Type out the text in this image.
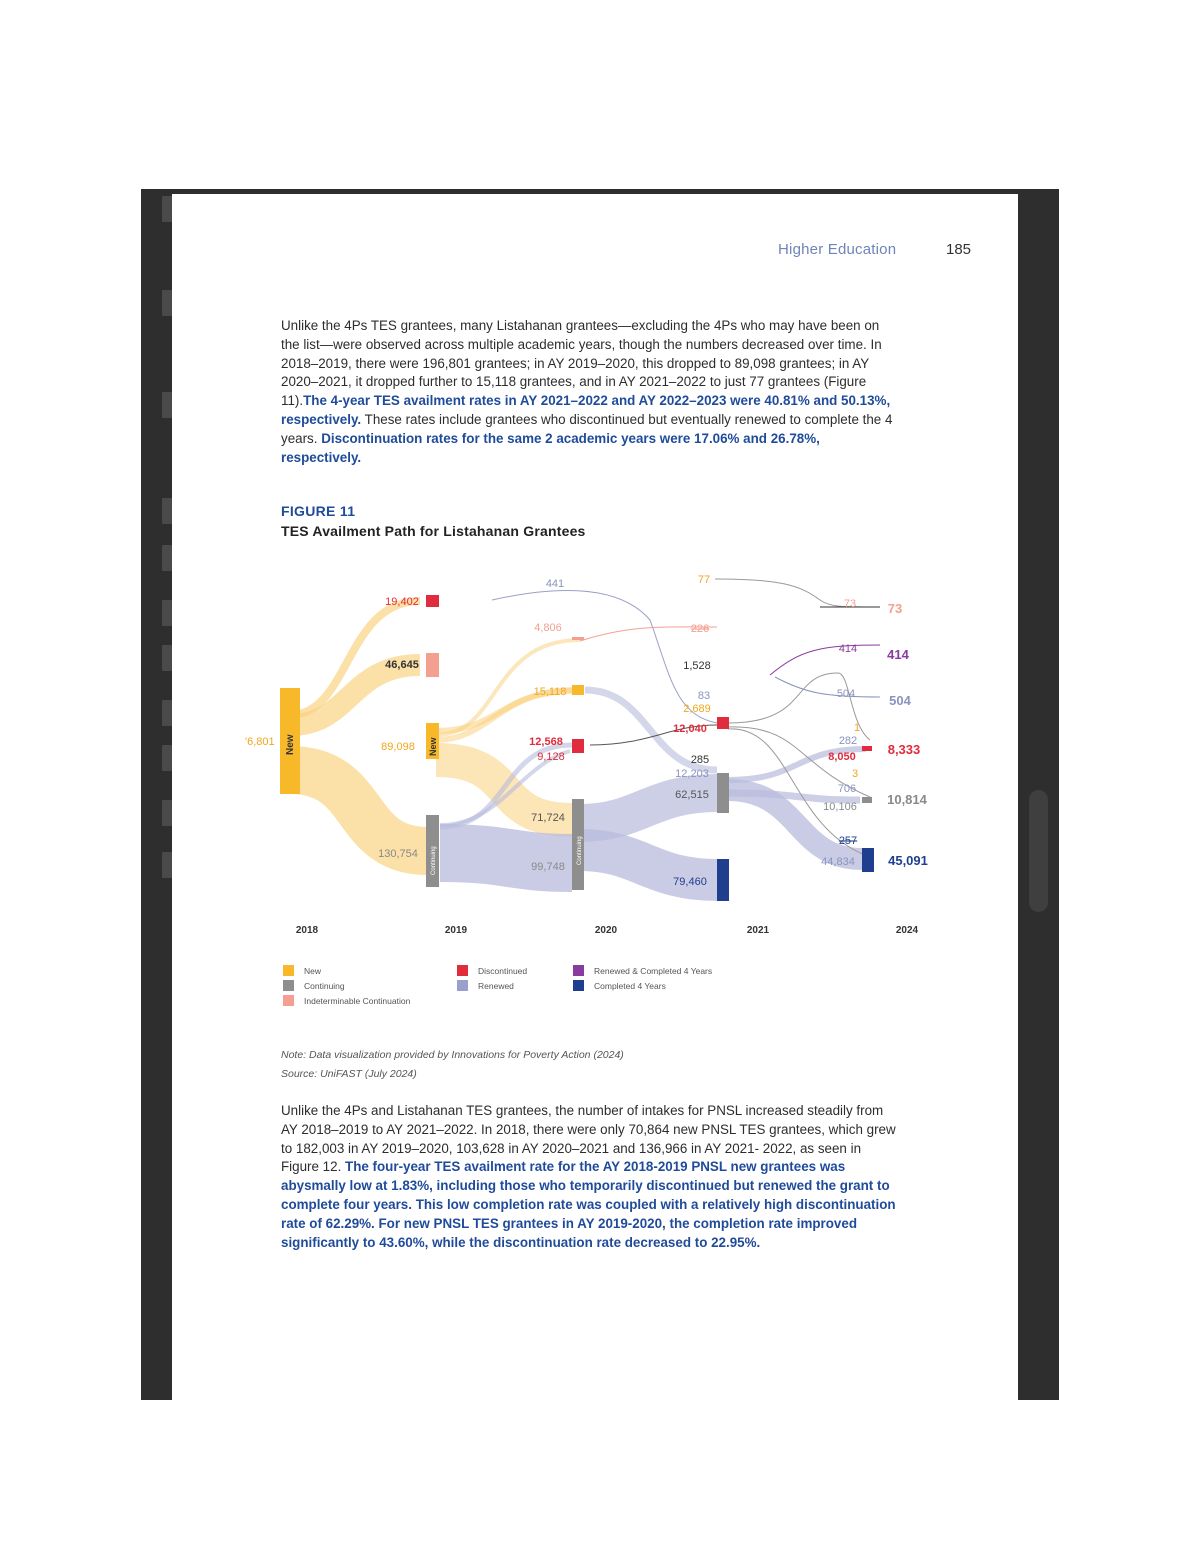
Higher Education	185
Unlike the 4Ps TES grantees, many Listahanan grantees—excluding the 4Ps who may have been on the list—were observed across multiple academic years, though the numbers decreased over time. In 2018–2019, there were 196,801 grantees; in AY 2019–2020, this dropped to 89,098 grantees; in AY 2020–2021, it dropped further to 15,118 grantees, and in AY 2021–2022 to just 77 grantees (Figure 11).The 4-year TES availment rates in AY 2021–2022 and AY 2022–2023 were 40.81% and 50.13%, respectively. These rates include grantees who discontinued but eventually renewed to complete the 4 years. Discontinuation rates for the same 2 academic years were 17.06% and 26.78%, respectively.
FIGURE 11
TES Availment Path for Listahanan Grantees
New	New
Continuing	Continuing
19,402
46,645
'6,801	89,098
130,754
441
4,806
15,118
12,568
9,128
71,724
99,748
77
226
1,528
83
2,689
12,040
285
12,203
62,515
79,460
73
414
504
1
282
8,050
3
706
10,106
257
44,834
73
414
504
8,333
10,814
45,091
2018	2019	2020	2021	2024
New
Continuing
Indeterminable Continuation
Discontinued
Renewed
Renewed & Completed 4 Years
Completed 4 Years
Note: Data visualization provided by Innovations for Poverty Action (2024)
Source: UniFAST (July 2024)
Unlike the 4Ps and Listahanan TES grantees, the number of intakes for PNSL increased steadily from AY 2018–2019 to AY 2021–2022. In 2018, there were only 70,864 new PNSL TES grantees, which grew to 182,003 in AY 2019–2020, 103,628 in AY 2020–2021 and 136,966 in AY 2021- 2022, as seen in Figure 12. The four-year TES availment rate for the AY 2018-2019 PNSL new grantees was abysmally low at 1.83%, including those who temporarily discontinued but renewed the grant to complete four years. This low completion rate was coupled with a relatively high discontinuation rate of 62.29%. For new PNSL TES grantees in AY 2019-2020, the completion rate improved significantly to 43.60%, while the discontinuation rate decreased to 22.95%.
